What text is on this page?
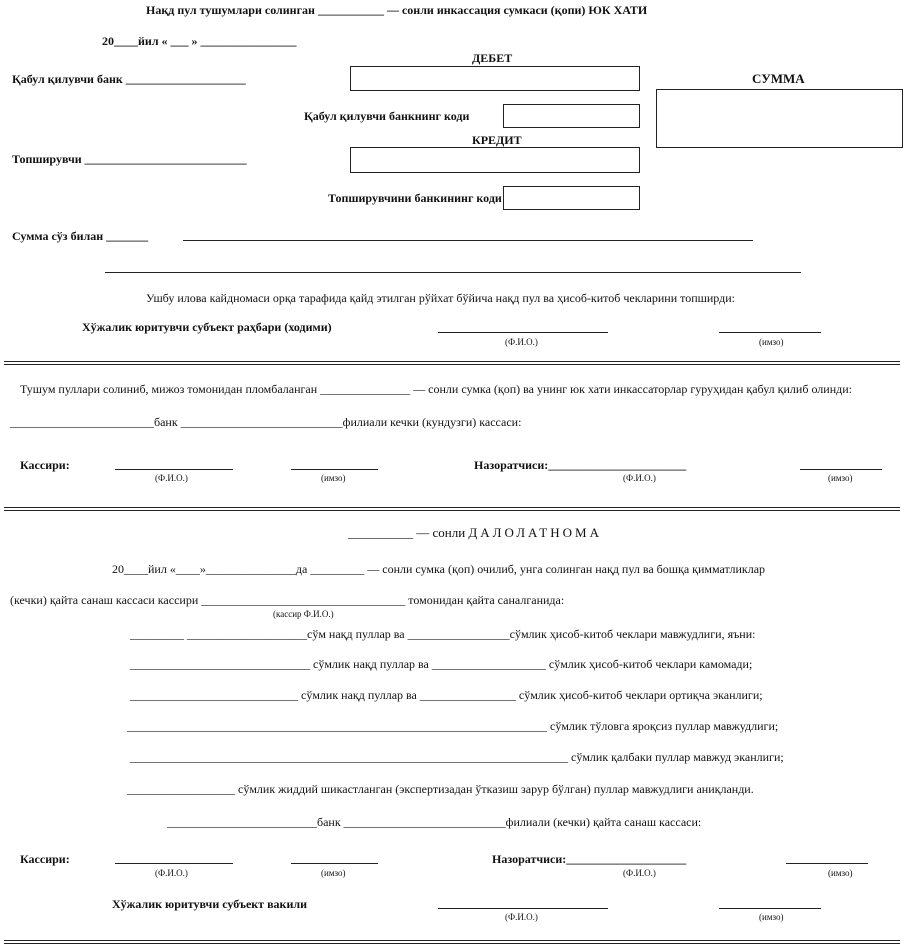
Нақд пул тушумлари солинган ___________ — сонли инкассация сумкаси (қопи) ЮК ХАТИ
20____йил « ___ » ________________
ДЕБЕТ
Қабул қилувчи банк ____________________	СУММА
Қабул қилувчи банкнинг коди
КРЕДИТ
Топширувчи ___________________________
Топширувчини банкининг коди
Сумма сўз билан _______
Ушбу илова кайдномаси орқа тарафида қайд этилган рўйхат бўйича нақд пул ва ҳисоб-китоб чекларини топширди:
Хўжалик юритувчи субъект раҳбари (ходими)
(Ф.И.О.)	(имзо)
Тушум пуллари солиниб, мижоз томонидан пломбаланган _______________ — сонли сумка (қоп) ва унинг юк хати инкассаторлар гуруҳидан қабул қилиб олинди:
________________________банк ___________________________филиали кечки (кундузги) кассаси:
Кассири:
(Ф.И.О.)	(имзо)
Назоратчиси:_______________________
(Ф.И.О.)	(имзо)
__________ — сонли ДАЛОЛАТНОМА
20____йил «____»_______________да _________ — сонли сумка (қоп) очилиб, унга солинган нақд пул ва бошқа қимматликлар
(кечки) қайта санаш кассаси кассири __________________________________ томонидан қайта саналганида:
(кассир Ф.И.О.)
_________ ____________________сўм нақд пуллар ва _________________сўмлик ҳисоб-китоб чеклари мавжудлиги, яъни:
______________________________ сўмлик нақд пуллар ва ___________________ сўмлик ҳисоб-китоб чеклари камомади;
____________________________ сўмлик нақд пуллар ва ________________ сўмлик ҳисоб-китоб чеклари ортиқча эканлиги;
______________________________________________________________________ сўмлик тўловга яроқсиз пуллар мавжудлиги;
_________________________________________________________________________ сўмлик қалбаки пуллар мавжуд эканлиги;
__________________ сўмлик жиддий шикастланган (экспертизадан ўтказиш зарур бўлган) пуллар мавжудлиги аниқланди.
_________________________банк ___________________________филиали (кечки) қайта санаш кассаси:
Кассири:
(Ф.И.О.)	(имзо)
Назоратчиси:____________________
(Ф.И.О.)	(имзо)
Хўжалик юритувчи субъект вакили
(Ф.И.О.)	(имзо)
